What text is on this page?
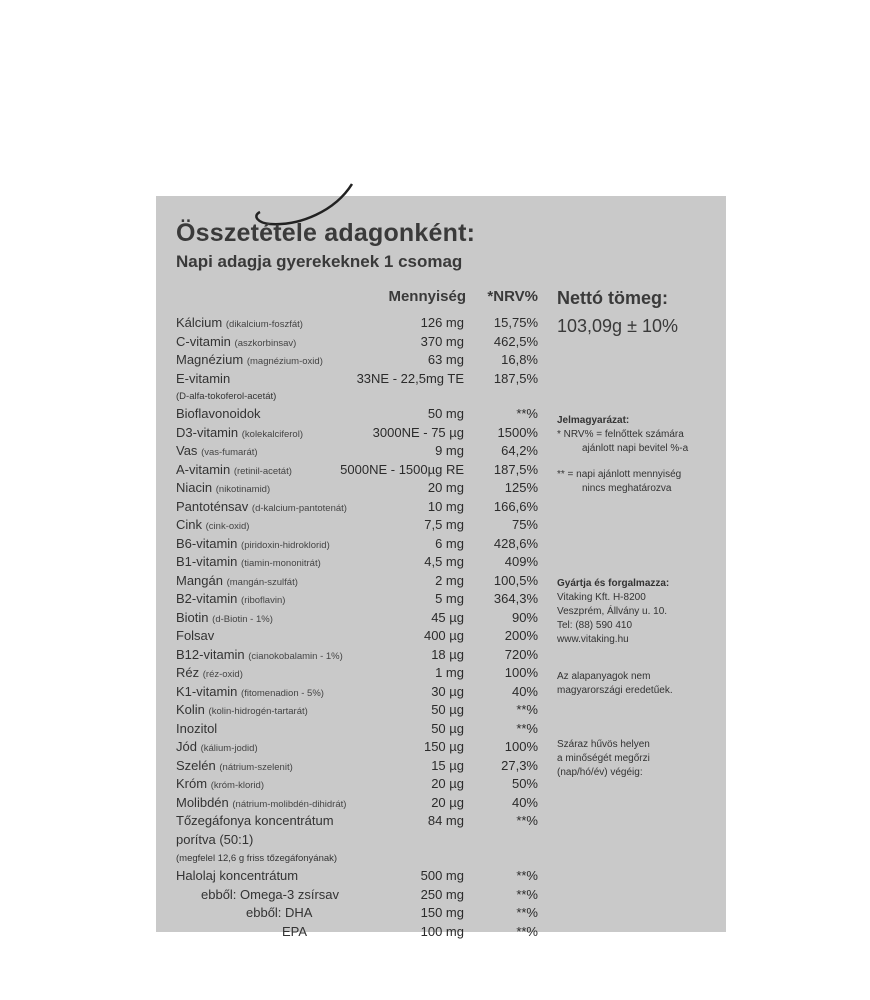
Összetétele adagonként:
Napi adagja gyerekeknek 1 csomag
Mennyiség	*NRV%
Kálcium (dikalcium-foszfát)	126 mg 15,75%
C-vitamin (aszkorbinsav)	370 mg 462,5%
Magnézium (magnézium-oxid)	63 mg	16,8%
E-vitamin	33NE - 22,5mg TE 187,5%
(D-alfa-tokoferol-acetát)
Bioflavonoidok	50 mg	**%
D3-vitamin (kolekalciferol)	3000NE - 75 µg	1500%
Vas (vas-fumarát)	9 mg	64,2%
A-vitamin (retinil-acetát)	5000NE - 1500µg RE 187,5%
Niacin (nikotinamid)	20 mg	125%
Pantoténsav (d-kalcium-pantotenát)	10 mg 166,6%
Cink (cink-oxid)	7,5 mg	75%
B6-vitamin (piridoxin-hidroklorid)	6 mg 428,6%
B1-vitamin (tiamin-mononitrát)	4,5 mg	409%
Mangán (mangán-szulfát)	2 mg 100,5%
B2-vitamin (riboflavin)	5 mg 364,3%
Biotin (d-Biotin - 1%)	45 µg	90%
Folsav	400 µg	200%
B12-vitamin (cianokobalamin - 1%)	18 µg	720%
Réz (réz-oxid)	1 mg	100%
K1-vitamin (fitomenadion - 5%)	30 µg	40%
Kolin (kolin-hidrogén-tartarát)	50 µg	**%
Inozitol	50 µg	**%
Jód (kálium-jodid)	150 µg	100%
Szelén (nátrium-szelenit)	15 µg	27,3%
Króm (króm-klorid)	20 µg	50%
Molibdén (nátrium-molibdén-dihidrát)	20 µg	40%
Tőzegáfonya koncentrátum	84 mg	**%
porítva (50:1)
(megfelel 12,6 g friss tőzegáfonyának)
Halolaj koncentrátum	500 mg	**%
ebből: Omega-3 zsírsav	250 mg	**%
ebből: DHA	150 mg	**%
EPA	100 mg	**%
Nettó tömeg:
103,09g ± 10%
Jelmagyarázat:
* NRV% = felnőttek számára
ajánlott napi bevitel %-a
** = napi ajánlott mennyiség
nincs meghatározva
Gyártja és forgalmazza:
Vitaking Kft. H-8200
Veszprém, Állvány u. 10.
Tel: (88) 590 410
www.vitaking.hu
Az alapanyagok nem
magyarországi eredetűek.
Száraz hűvös helyen
a minőségét megőrzi
(nap/hó/év) végéig:
